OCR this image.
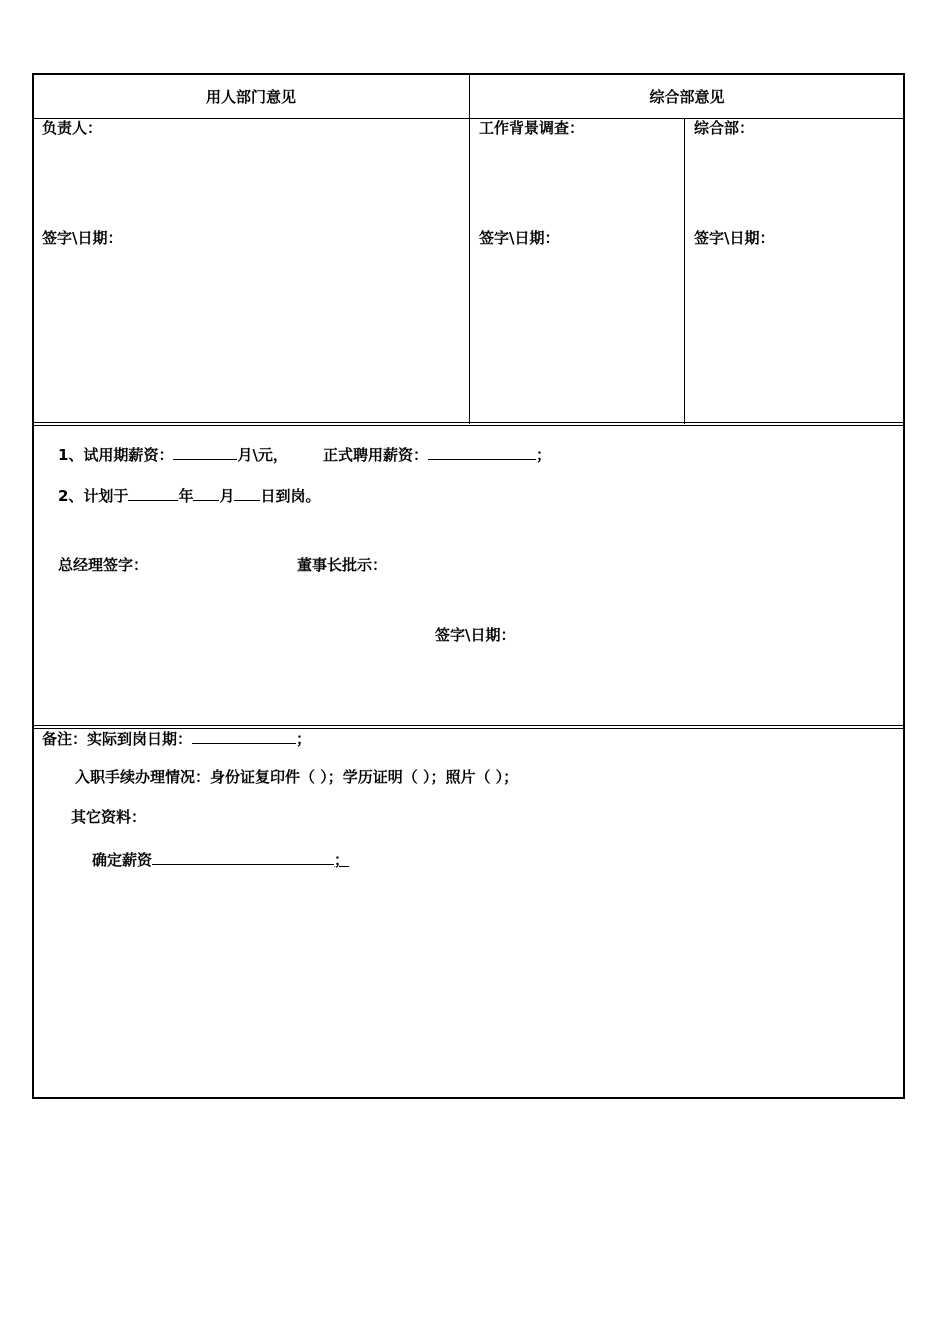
用人部门意见	综合部意见
负责人：
签字\日期：
工作背景调查：
签字\日期：
综合部：
签字\日期：
1、试用期薪资：	月\元， 正式聘用薪资：	；
2、计划于	年 月 日到岗。
总经理签字：	董事长批示：
签字\日期：
备注：实际到岗日期：	；
入职手续办理情况：身份证复印件（ ）；学历证明（ ）；照片（ ）；
其它资料：
确定薪资	；
